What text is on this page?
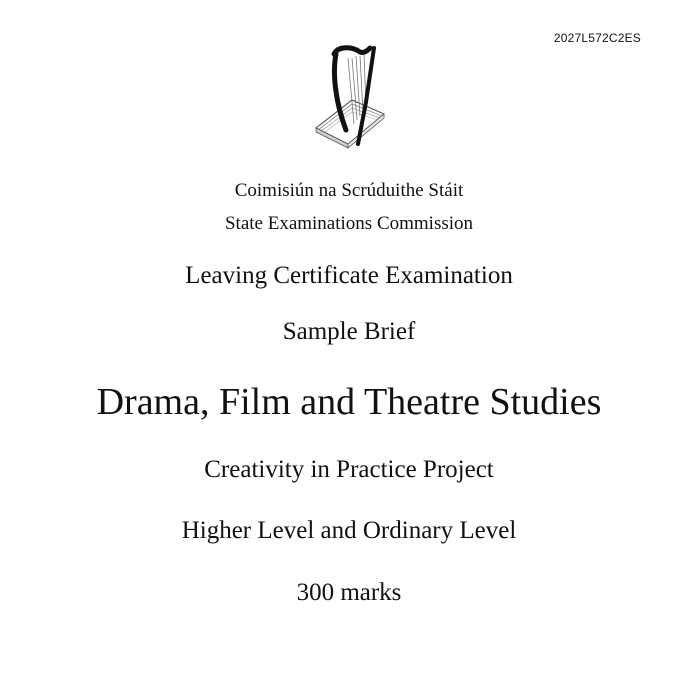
2027L572C2ES
Coimisiún na Scrúduithe Stáit
State Examinations Commission
Leaving Certificate Examination
Sample Brief
Drama, Film and Theatre Studies
Creativity in Practice Project
Higher Level and Ordinary Level
300 marks
